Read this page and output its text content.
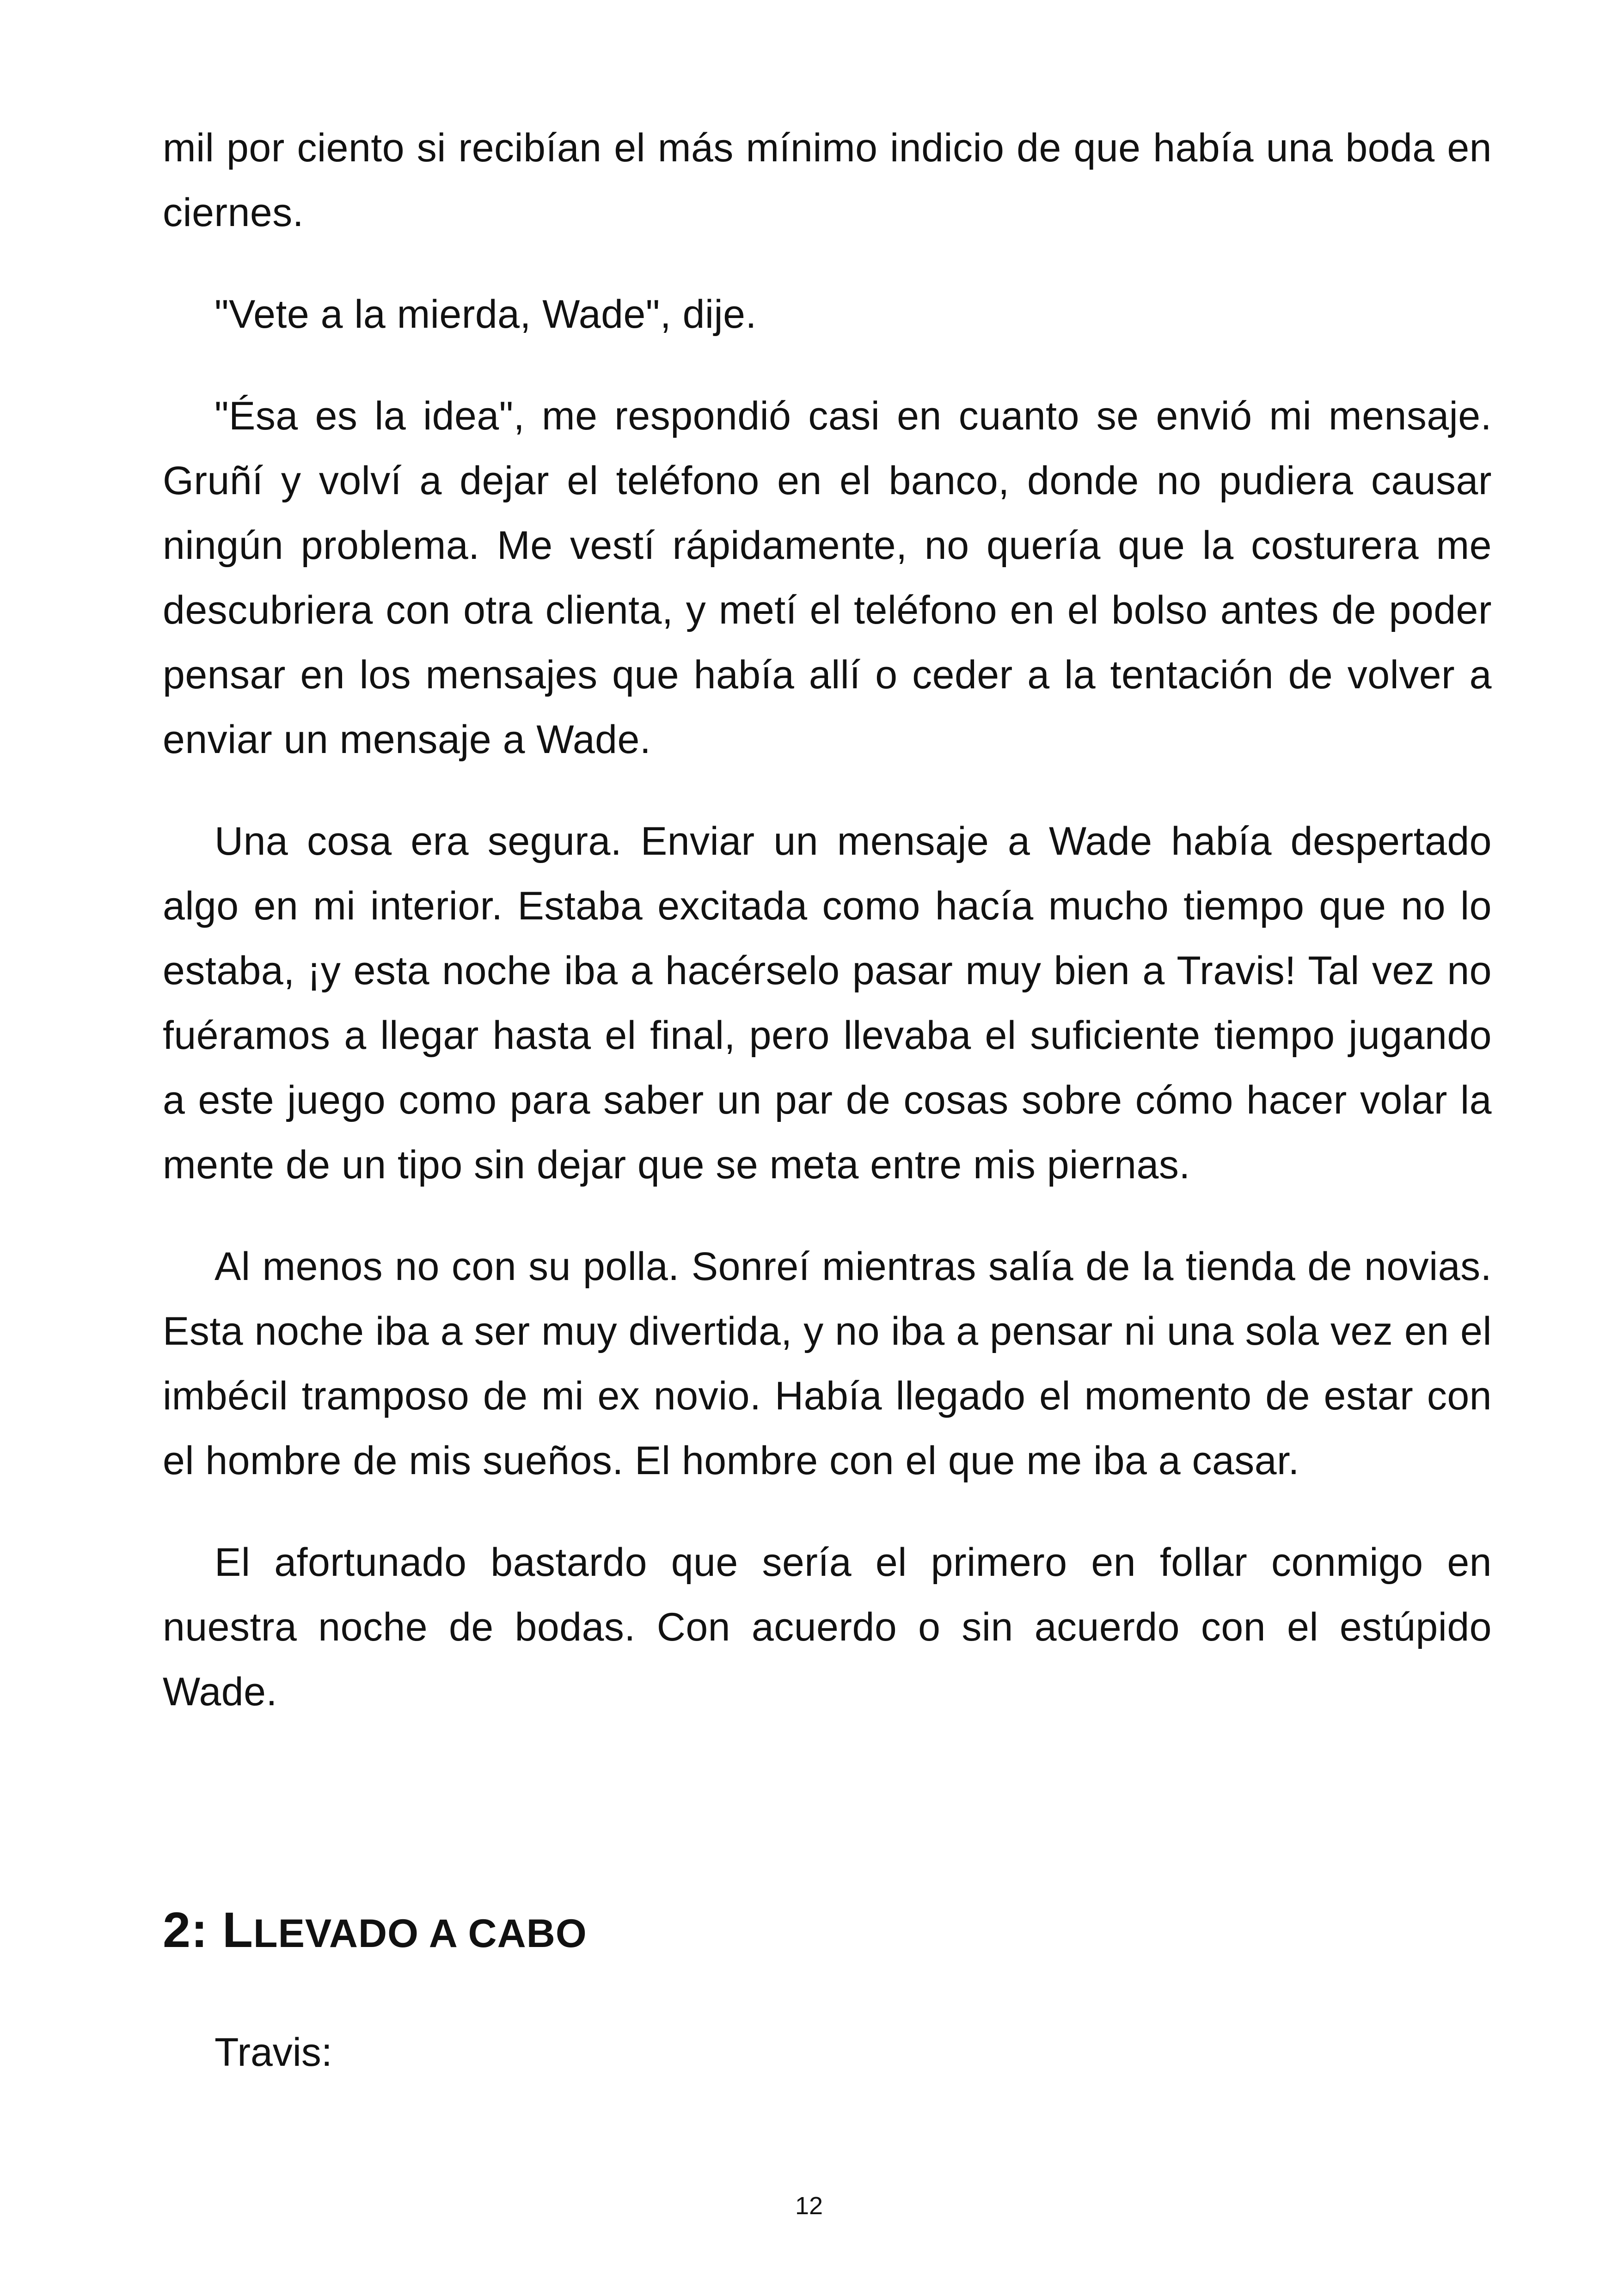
mil por ciento si recibían el más mínimo indicio de que había una boda en ciernes.

"Vete a la mierda, Wade", dije.

"Ésa es la idea", me respondió casi en cuanto se envió mi mensaje. Gruñí y volví a dejar el teléfono en el banco, donde no pudiera causar ningún problema. Me vestí rápidamente, no quería que la costurera me descubriera con otra clienta, y metí el teléfono en el bolso antes de poder pensar en los mensajes que había allí o ceder a la tentación de volver a enviar un mensaje a Wade.

Una cosa era segura. Enviar un mensaje a Wade había despertado algo en mi interior. Estaba excitada como hacía mucho tiempo que no lo estaba, ¡y esta noche iba a hacérselo pasar muy bien a Travis! Tal vez no fuéramos a llegar hasta el final, pero llevaba el suficiente tiempo jugando a este juego como para saber un par de cosas sobre cómo hacer volar la mente de un tipo sin dejar que se meta entre mis piernas.

Al menos no con su polla. Sonreí mientras salía de la tienda de novias. Esta noche iba a ser muy divertida, y no iba a pensar ni una sola vez en el imbécil tramposo de mi ex novio. Había llegado el momento de estar con el hombre de mis sueños. El hombre con el que me iba a casar.

El afortunado bastardo que sería el primero en follar conmigo en nuestra noche de bodas. Con acuerdo o sin acuerdo con el estúpido Wade.

2: LLEVADO A CABO

Travis:

12
